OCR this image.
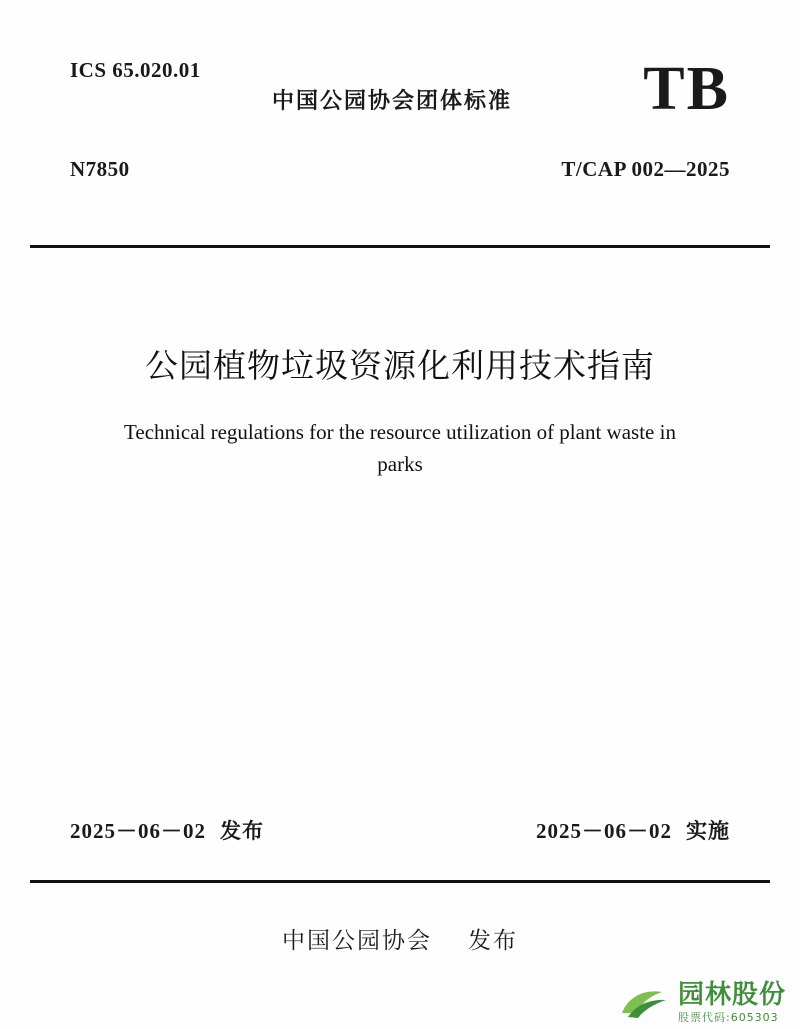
ICS 65.020.01
中国公园协会团体标准 TB
N7850	T/CAP 002—2025
公园植物垃圾资源化利用技术指南
Technical regulations for the resource utilization of plant waste in parks
2025－06－02 发布	2025－06－02 实施
中国公园协会 发布
园林股份
股票代码:605303
